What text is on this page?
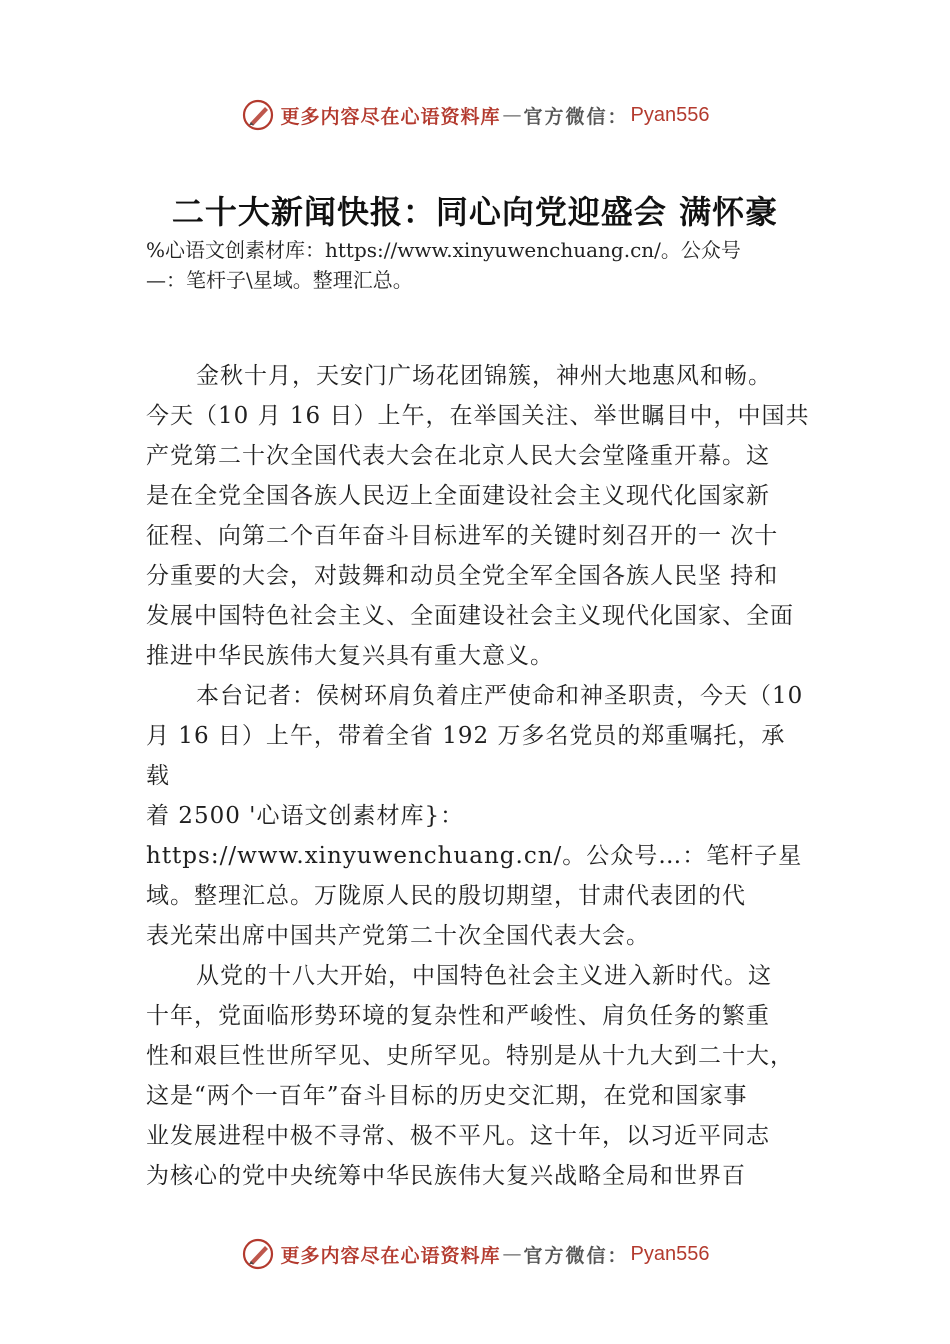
更多内容尽在心语资料库 — 官方微信： Pyan556
二十大新闻快报：同心向党迎盛会 满怀豪
%心语文创素材库：https://www.xinyuwenchuang.cn/。公众号
—：笔杆子\星域。整理汇总。
金秋十月，天安门广场花团锦簇，神州大地惠风和畅。
今天（10 月 16 日）上午，在举国关注、举世瞩目中，中国共
产党第二十次全国代表大会在北京人民大会堂隆重开幕。这
是在全党全国各族人民迈上全面建设社会主义现代化国家新
征程、向第二个百年奋斗目标进军的关键时刻召开的一 次十
分重要的大会，对鼓舞和动员全党全军全国各族人民坚 持和
发展中国特色社会主义、全面建设社会主义现代化国家、全面
推进中华民族伟大复兴具有重大意义。
本台记者：侯树环肩负着庄严使命和神圣职责，今天（10
月 16 日）上午，带着全省 192 万多名党员的郑重嘱托，承
载
着 2500 '心语文创素材库}：
https://www.xinyuwenchuang.cn/。公众号…：笔杆子星
域。整理汇总。万陇原人民的殷切期望，甘肃代表团的代
表光荣出席中国共产党第二十次全国代表大会。
从党的十八大开始，中国特色社会主义进入新时代。这
十年，党面临形势环境的复杂性和严峻性、肩负任务的繁重
性和艰巨性世所罕见、史所罕见。特别是从十九大到二十大，
这是“两个一百年”奋斗目标的历史交汇期，在党和国家事
业发展进程中极不寻常、极不平凡。这十年，以习近平同志
为核心的党中央统筹中华民族伟大复兴战略全局和世界百
更多内容尽在心语资料库 — 官方微信： Pyan556
